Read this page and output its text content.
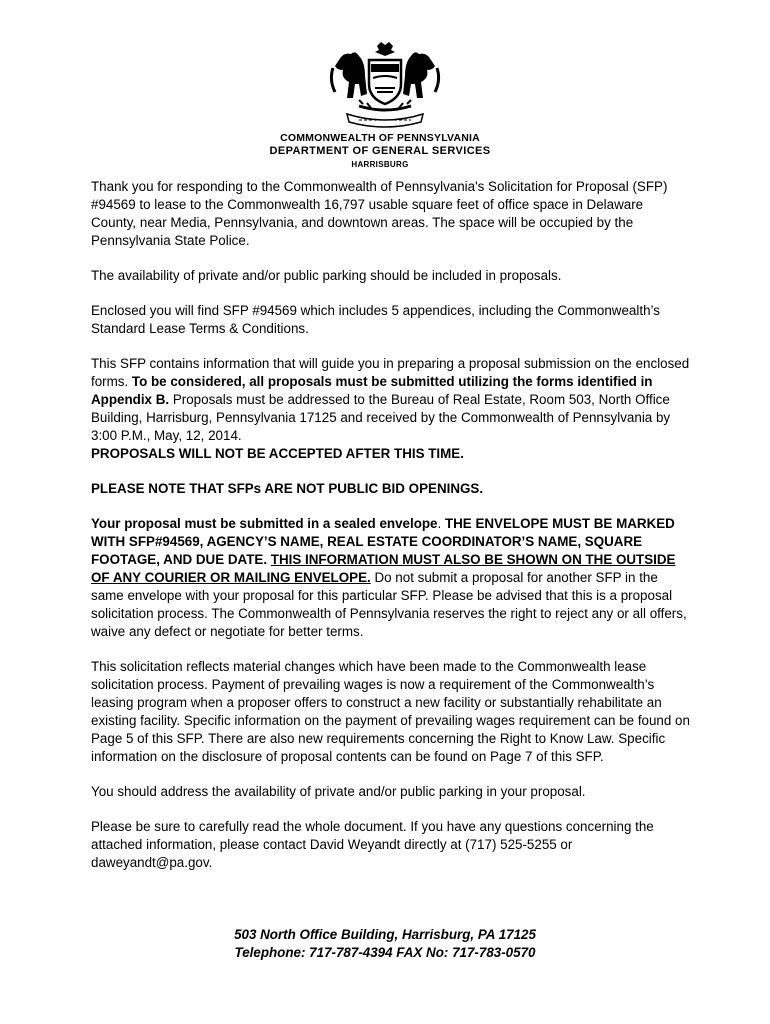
COMMONWEALTH OF PENNSYLVANIA
DEPARTMENT OF GENERAL SERVICES
HARRISBURG

Thank you for responding to the Commonwealth of Pennsylvania's Solicitation for Proposal (SFP) #94569 to lease to the Commonwealth 16,797 usable square feet of office space in Delaware County, near Media, Pennsylvania, and downtown areas. The space will be occupied by the Pennsylvania State Police.

The availability of private and/or public parking should be included in proposals.

Enclosed you will find SFP #94569 which includes 5 appendices, including the Commonwealth’s Standard Lease Terms & Conditions.

This SFP contains information that will guide you in preparing a proposal submission on the enclosed forms. To be considered, all proposals must be submitted utilizing the forms identified in Appendix B. Proposals must be addressed to the Bureau of Real Estate, Room 503, North Office Building, Harrisburg, Pennsylvania 17125 and received by the Commonwealth of Pennsylvania by 3:00 P.M., May, 12, 2014.
PROPOSALS WILL NOT BE ACCEPTED AFTER THIS TIME.

PLEASE NOTE THAT SFPs ARE NOT PUBLIC BID OPENINGS.

Your proposal must be submitted in a sealed envelope. THE ENVELOPE MUST BE MARKED WITH SFP#94569, AGENCY’S NAME, REAL ESTATE COORDINATOR’S NAME, SQUARE FOOTAGE, AND DUE DATE. THIS INFORMATION MUST ALSO BE SHOWN ON THE OUTSIDE OF ANY COURIER OR MAILING ENVELOPE. Do not submit a proposal for another SFP in the same envelope with your proposal for this particular SFP. Please be advised that this is a proposal solicitation process. The Commonwealth of Pennsylvania reserves the right to reject any or all offers, waive any defect or negotiate for better terms.

This solicitation reflects material changes which have been made to the Commonwealth lease solicitation process. Payment of prevailing wages is now a requirement of the Commonwealth’s leasing program when a proposer offers to construct a new facility or substantially rehabilitate an existing facility. Specific information on the payment of prevailing wages requirement can be found on Page 5 of this SFP. There are also new requirements concerning the Right to Know Law. Specific information on the disclosure of proposal contents can be found on Page 7 of this SFP.

You should address the availability of private and/or public parking in your proposal.

Please be sure to carefully read the whole document. If you have any questions concerning the attached information, please contact David Weyandt directly at (717) 525-5255 or daweyandt@pa.gov.

503 North Office Building, Harrisburg, PA 17125
Telephone: 717-787-4394 FAX No: 717-783-0570
